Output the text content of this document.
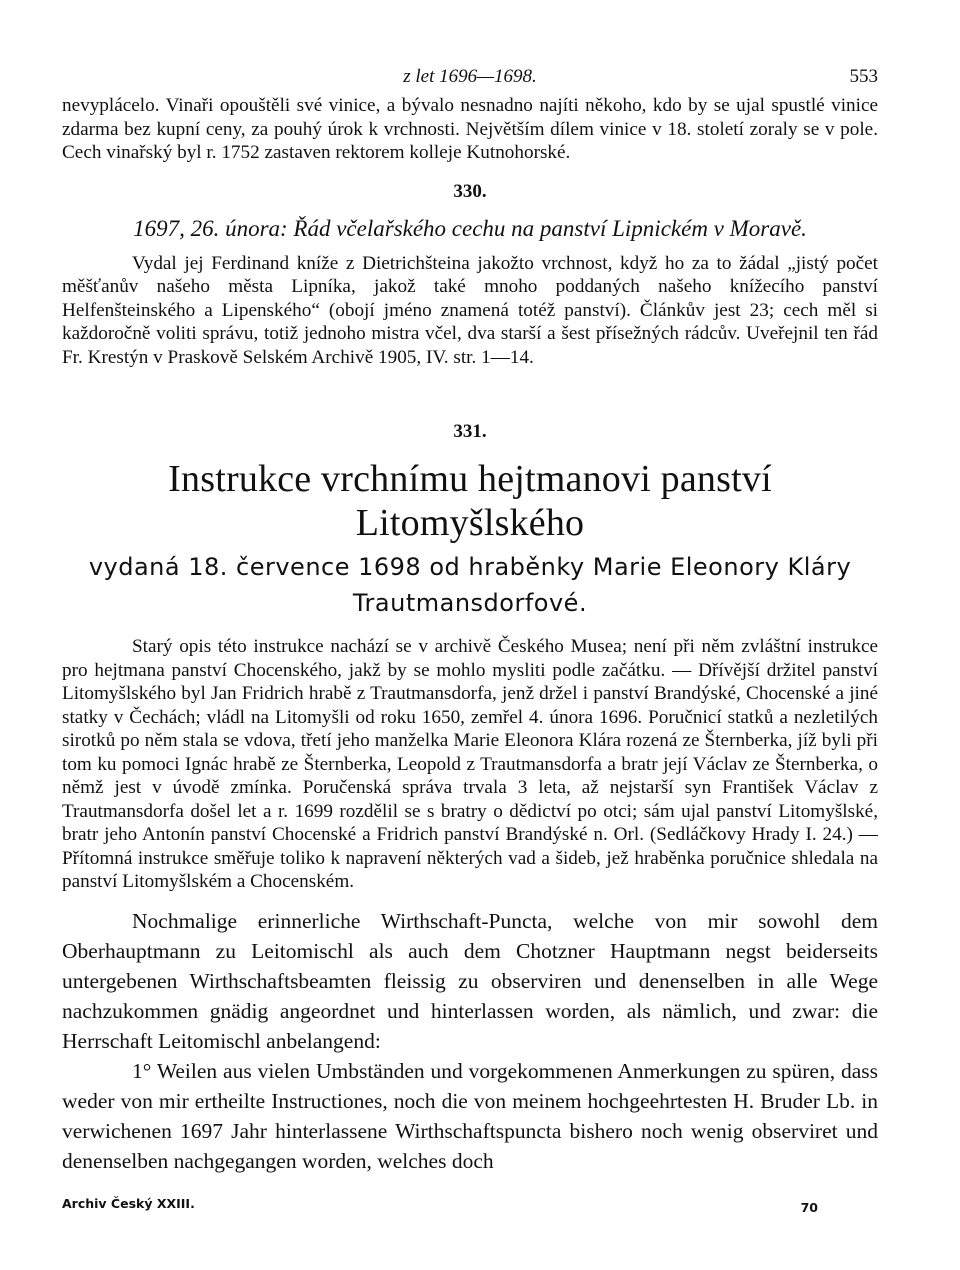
z let 1696—1698.	553

nevyplácelo. Vinaři opouštěli své vinice, a bývalo nesnadno najíti někoho, kdo by se ujal spustlé vinice zdarma bez kupní ceny, za pouhý úrok k vrchnosti. Největším dílem vinice v 18. století zoraly se v pole. Cech vinařský byl r. 1752 zastaven rektorem kolleje Kutnohorské.

330.
1697, 26. února: Řád včelařského cechu na panství Lipnickém v Moravě.

Vydal jej Ferdinand kníže z Dietrichšteina jakožto vrchnost, když ho za to žádal „jistý počet měšťanův našeho města Lipníka, jakož také mnoho poddaných našeho knížecího panství Helfenšteinského a Lipenského“ (obojí jméno znamená totéž panství). Článkův jest 23; cech měl si každoročně voliti správu, totiž jednoho mistra včel, dva starší a šest přísežných rádcův. Uveřejnil ten řád Fr. Krestýn v Praskově Selském Archivě 1905, IV. str. 1—14.

331.
Instrukce vrchnímu hejtmanovi panství Litomyšlského
vydaná 18. července 1698 od hraběnky Marie Eleonory Kláry Trautmansdorfové.

Starý opis této instrukce nachází se v archivě Českého Musea; není při něm zvláštní instrukce pro hejtmana panství Chocenského, jakž by se mohlo mysliti podle začátku. — Dřívější držitel panství Litomyšlského byl Jan Fridrich hrabě z Trautmansdorfa, jenž držel i panství Brandýské, Chocenské a jiné statky v Čechách; vládl na Litomyšli od roku 1650, zemřel 4. února 1696. Poručnicí statků a nezletilých sirotků po něm stala se vdova, třetí jeho manželka Marie Eleonora Klára rozená ze Šternberka, jíž byli při tom ku pomoci Ignác hrabě ze Šternberka, Leopold z Trautmansdorfa a bratr její Václav ze Šternberka, o němž jest v úvodě zmínka. Poručenská správa trvala 3 leta, až nejstarší syn František Václav z Trautmansdorfa došel let a r. 1699 rozdělil se s bratry o dědictví po otci; sám ujal panství Litomyšlské, bratr jeho Antonín panství Chocenské a Fridrich panství Brandýské n. Orl. (Sedláčkovy Hrady I. 24.) — Přítomná instrukce směřuje toliko k napravení některých vad a šideb, jež hraběnka poručnice shledala na panství Litomyšlském a Chocenském.

Nochmalige erinnerliche Wirthschaft-Puncta, welche von mir sowohl dem Oberhauptmann zu Leitomischl als auch dem Chotzner Hauptmann negst beiderseits untergebenen Wirthschaftsbeamten fleissig zu observiren und denenselben in alle Wege nachzukommen gnädig angeordnet und hinterlassen worden, als nämlich, und zwar: die Herrschaft Leitomischl anbelangend:

1° Weilen aus vielen Umbständen und vorgekommenen Anmerkungen zu spüren, dass weder von mir ertheilte Instructiones, noch die von meinem hochgeehrtesten H. Bruder Lb. in verwichenen 1697 Jahr hinterlassene Wirthschaftspuncta bishero noch wenig observiret und denenselben nachgegangen worden, welches doch

Archiv Český XXIII.	70
